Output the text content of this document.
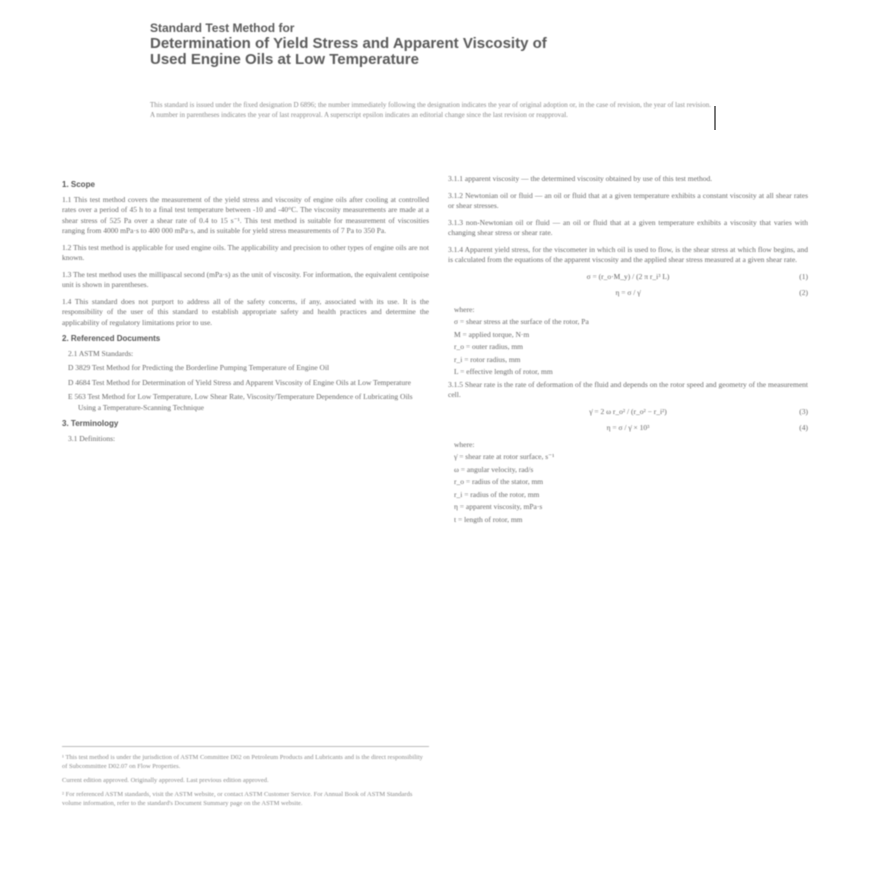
Standard Test Method for

Determination of Yield Stress and Apparent Viscosity of

Used Engine Oils at Low Temperature

This standard is issued under the fixed designation D 6896; the number immediately following the designation indicates the year of original adoption or, in the case of revision, the year of last revision. A number in parentheses indicates the year of last reapproval. A superscript epsilon indicates an editorial change since the last revision or reapproval.
1. Scope

1.1 This test method covers the measurement of the yield stress and viscosity of engine oils after cooling at controlled rates over a period of 45 h to a final test temperature between -10 and -40°C. The viscosity measurements are made at a shear stress of 525 Pa over a shear rate of 0.4 to 15 s⁻¹. This test method is suitable for measurement of viscosities ranging from 4000 mPa·s to 400 000 mPa·s, and is suitable for yield stress measurements of 7 Pa to 350 Pa.

1.2 This test method is applicable for used engine oils. The applicability and precision to other types of engine oils are not known.

1.3 The test method uses the millipascal second (mPa·s) as the unit of viscosity. For information, the equivalent centipoise unit is shown in parentheses.

1.4 This standard does not purport to address all of the safety concerns, if any, associated with its use. It is the responsibility of the user of this standard to establish appropriate safety and health practices and determine the applicability of regulatory limitations prior to use.

2. Referenced Documents

2.1 ASTM Standards:

D 3829 Test Method for Predicting the Borderline Pumping Temperature of Engine Oil

D 4684 Test Method for Determination of Yield Stress and Apparent Viscosity of Engine Oils at Low Temperature

E 563 Test Method for Low Temperature, Low Shear Rate, Viscosity/Temperature Dependence of Lubricating Oils Using a Temperature-Scanning Technique

3. Terminology

3.1 Definitions:

3.1.1 apparent viscosity — the determined viscosity obtained by use of this test method.

3.1.2 Newtonian oil or fluid — an oil or fluid that at a given temperature exhibits a constant viscosity at all shear rates or shear stresses.

3.1.3 non-Newtonian oil or fluid — an oil or fluid that at a given temperature exhibits a viscosity that varies with changing shear stress or shear rate.

3.1.4 Apparent yield stress, for the viscometer in which oil is used to flow, is the shear stress at which flow begins, and is calculated from the equations of the apparent viscosity and the applied shear stress measured at a given shear rate.

σ = (r_o·M_y) / (2 π r_i³ L)	(1)
η = σ / γ̇	(2)

where:

σ = shear stress at the surface of the rotor, Pa

M = applied torque, N·m

r_o = outer radius, mm

r_i = rotor radius, mm

L = effective length of rotor, mm

3.1.5 Shear rate is the rate of deformation of the fluid and depends on the rotor speed and geometry of the measurement cell.

γ̇ = 2 ω r_o² / (r_o² − r_i²)	(3)
η = σ / γ̇ × 10³	(4)

where:

γ̇ = shear rate at rotor surface, s⁻¹

ω = angular velocity, rad/s

r_o = radius of the stator, mm

r_i = radius of the rotor, mm

η = apparent viscosity, mPa·s

t = length of rotor, mm

¹ This test method is under the jurisdiction of ASTM Committee D02 on Petroleum Products and Lubricants and is the direct responsibility of Subcommittee D02.07 on Flow Properties.

Current edition approved. Originally approved. Last previous edition approved.

² For referenced ASTM standards, visit the ASTM website, or contact ASTM Customer Service. For Annual Book of ASTM Standards volume information, refer to the standard's Document Summary page on the ASTM website.
